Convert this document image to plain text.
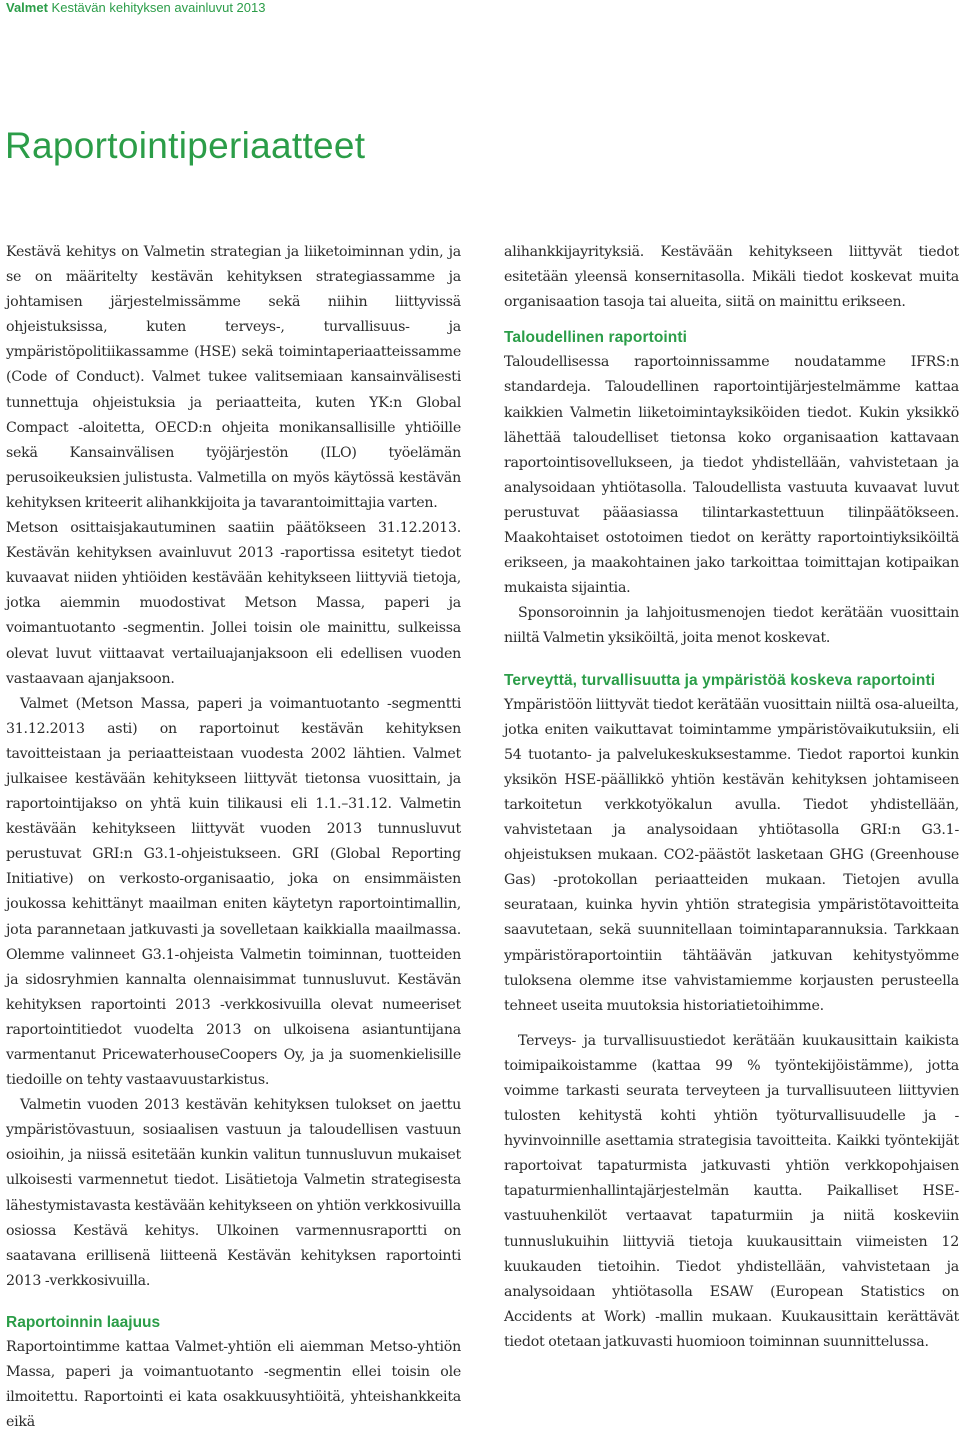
Valmet Kestävän kehityksen avainluvut 2013
Raportointiperiaatteet

Kestävä kehitys on Valmetin strategian ja liiketoiminnan ydin, ja se on määritelty kestävän kehityksen strategiassamme ja johtamisen järjestelmissämme sekä niihin liittyvissä ohjeistuksissa, kuten terveys-, turvallisuus- ja ympäristöpolitiikassamme (HSE) sekä toimintaperiaatteissamme (Code of Conduct). Valmet tukee valitsemiaan kansainvälisesti tunnettuja ohjeistuksia ja periaatteita, kuten YK:n Global Compact -aloitetta, OECD:n ohjeita monikansallisille yhtiöille sekä Kansainvälisen työjärjestön (ILO) työelämän perusoikeuksien julistusta. Valmetilla on myös käytössä kestävän kehityksen kriteerit alihankkijoita ja tavarantoimittajia varten.

Metson osittaisjakautuminen saatiin päätökseen 31.12.2013. Kestävän kehityksen avainluvut 2013 -raportissa esitetyt tiedot kuvaavat niiden yhtiöiden kestävään kehitykseen liittyviä tietoja, jotka aiemmin muodostivat Metson Massa, paperi ja voimantuotanto -segmentin. Jollei toisin ole mainittu, sulkeissa olevat luvut viittaavat vertailuajanjaksoon eli edellisen vuoden vastaavaan ajanjaksoon.

Valmet (Metson Massa, paperi ja voimantuotanto -segmentti 31.12.2013 asti) on raportoinut kestävän kehityksen tavoitteistaan ja periaatteistaan vuodesta 2002 lähtien. Valmet julkaisee kestävään kehitykseen liittyvät tietonsa vuosittain, ja raportointijakso on yhtä kuin tilikausi eli 1.1.–31.12. Valmetin kestävään kehitykseen liittyvät vuoden 2013 tunnusluvut perustuvat GRI:n G3.1-ohjeistukseen. GRI (Global Reporting Initiative) on verkosto-organisaatio, joka on ensimmäisten joukossa kehittänyt maailman eniten käytetyn raportointimallin, jota parannetaan jatkuvasti ja sovelletaan kaikkialla maailmassa. Olemme valinneet G3.1-ohjeista Valmetin toiminnan, tuotteiden ja sidosryhmien kannalta olennaisimmat tunnusluvut. Kestävän kehityksen raportointi 2013 -verkkosivuilla olevat numeeriset raportointitiedot vuodelta 2013 on ulkoisena asiantuntijana varmentanut PricewaterhouseCoopers Oy, ja ja suomenkielisille tiedoille on tehty vastaavuustarkistus.

Valmetin vuoden 2013 kestävän kehityksen tulokset on jaettu ympäristövastuun, sosiaalisen vastuun ja taloudellisen vastuun osioihin, ja niissä esitetään kunkin valitun tunnusluvun mukaiset ulkoisesti varmennetut tiedot. Lisätietoja Valmetin strategisesta lähestymistavasta kestävään kehitykseen on yhtiön verkkosivuilla osiossa Kestävä kehitys. Ulkoinen varmennusraportti on saatavana erillisenä liitteenä Kestävän kehityksen raportointi 2013 -verkkosivuilla.

Raportoinnin laajuus

Raportointimme kattaa Valmet-yhtiön eli aiemman Metso-yhtiön Massa, paperi ja voimantuotanto -segmentin ellei toisin ole ilmoitettu. Raportointi ei kata osakkuusyhtiöitä, yhteishankkeita eikä

alihankkijayrityksiä. Kestävään kehitykseen liittyvät tiedot esitetään yleensä konsernitasolla. Mikäli tiedot koskevat muita organisaation tasoja tai alueita, siitä on mainittu erikseen.

Taloudellinen raportointi

Taloudellisessa raportoinnissamme noudatamme IFRS:n standardeja. Taloudellinen raportointijärjestelmämme kattaa kaikkien Valmetin liiketoimintayksiköiden tiedot. Kukin yksikkö lähettää taloudelliset tietonsa koko organisaation kattavaan raportointisovellukseen, ja tiedot yhdistellään, vahvistetaan ja analysoidaan yhtiötasolla. Taloudellista vastuuta kuvaavat luvut perustuvat pääasiassa tilintarkastettuun tilinpäätökseen. Maakohtaiset ostotoimen tiedot on kerätty raportointiyksiköiltä erikseen, ja maakohtainen jako tarkoittaa toimittajan kotipaikan mukaista sijaintia.

Sponsoroinnin ja lahjoitusmenojen tiedot kerätään vuosittain niiltä Valmetin yksiköiltä, joita menot koskevat.

Terveyttä, turvallisuutta ja ympäristöä koskeva raportointi

Ympäristöön liittyvät tiedot kerätään vuosittain niiltä osa-alueilta, jotka eniten vaikuttavat toimintamme ympäristövaikutuksiin, eli 54 tuotanto- ja palvelukeskuksestamme. Tiedot raportoi kunkin yksikön HSE-päällikkö yhtiön kestävän kehityksen johtamiseen tarkoitetun verkkotyökalun avulla. Tiedot yhdistellään, vahvistetaan ja analysoidaan yhtiötasolla GRI:n G3.1-ohjeistuksen mukaan. CO2-päästöt lasketaan GHG (Greenhouse Gas) -protokollan periaatteiden mukaan. Tietojen avulla seurataan, kuinka hyvin yhtiön strategisia ympäristötavoitteita saavutetaan, sekä suunnitellaan toimintaparannuksia. Tarkkaan ympäristöraportointiin tähtäävän jatkuvan kehitystyömme tuloksena olemme itse vahvistamiemme korjausten perusteella tehneet useita muutoksia historiatietoihimme.

Terveys- ja turvallisuustiedot kerätään kuukausittain kaikista toimipaikoistamme (kattaa 99 % työntekijöistämme), jotta voimme tarkasti seurata terveyteen ja turvallisuuteen liittyvien tulosten kehitystä kohti yhtiön työturvallisuudelle ja -hyvinvoinnille asettamia strategisia tavoitteita. Kaikki työntekijät raportoivat tapaturmista jatkuvasti yhtiön verkkopohjaisen tapaturmienhallintajärjestelmän kautta. Paikalliset HSE-vastuuhenkilöt vertaavat tapaturmiin ja niitä koskeviin tunnuslukuihin liittyviä tietoja kuukausittain viimeisten 12 kuukauden tietoihin. Tiedot yhdistellään, vahvistetaan ja analysoidaan yhtiötasolla ESAW (European Statistics on Accidents at Work) -mallin mukaan. Kuukausittain kerättävät tiedot otetaan jatkuvasti huomioon toiminnan suunnittelussa.
